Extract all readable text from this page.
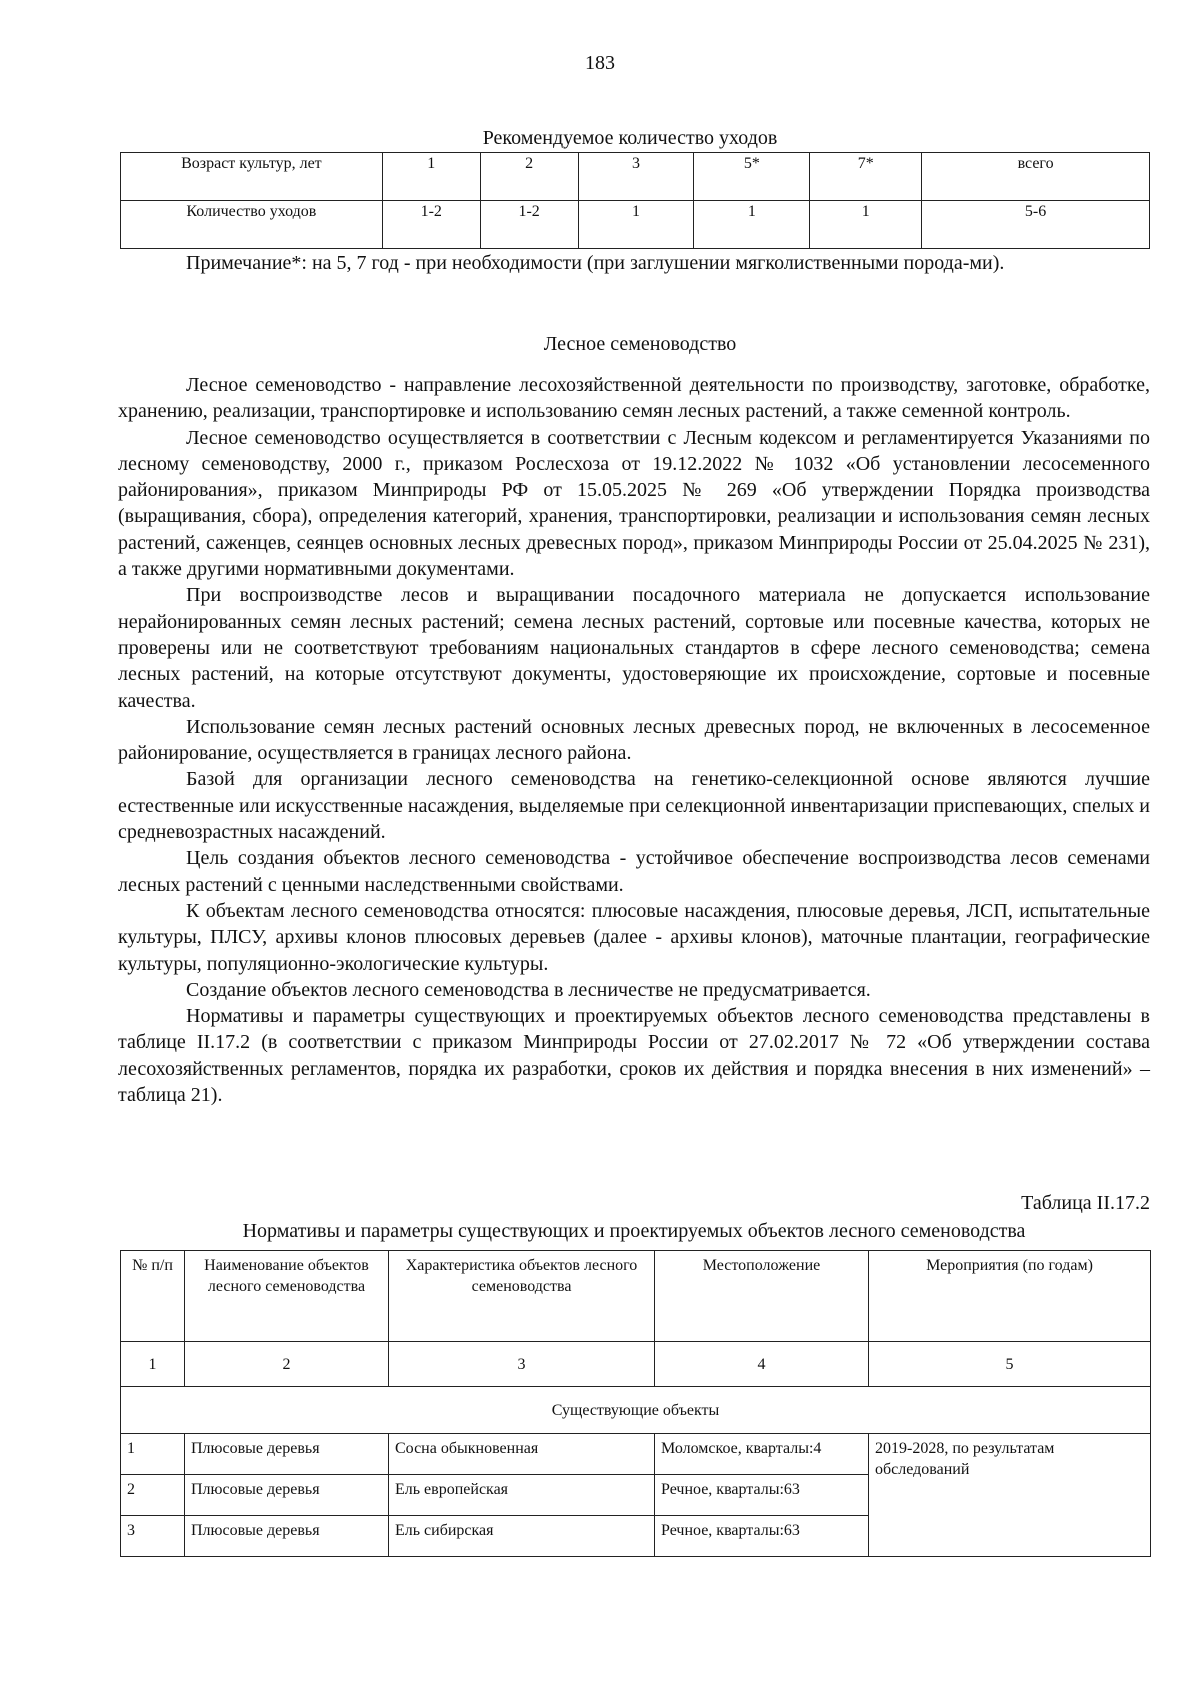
183
Рекомендуемое количество уходов
Возраст культур, лет	1	2	3	5*	7*	всего
Количество уходов	1-2	1-2	1	1	1	5-6
Примечание*: на 5, 7 год - при необходимости (при заглушении мягколиственными порода-ми).
Лесное семеноводство

Лесное семеноводство - направление лесохозяйственной деятельности по производству, заготовке, обработке, хранению, реализации, транспортировке и использованию семян лесных растений, а также семенной контроль.

Лесное семеноводство осуществляется в соответствии с Лесным кодексом и регламентируется Указаниями по лесному семеноводству, 2000 г., приказом Рослесхоза от 19.12.2022 № 1032 «Об установлении лесосеменного районирования», приказом Минприроды РФ от 15.05.2025 № 269 «Об утверждении Порядка производства (выращивания, сбора), определения категорий, хранения, транспортировки, реализации и использования семян лесных растений, саженцев, сеянцев основных лесных древесных пород», приказом Минприроды России от 25.04.2025 № 231), а также другими нормативными документами.

При воспроизводстве лесов и выращивании посадочного материала не допускается использование нерайонированных семян лесных растений; семена лесных растений, сортовые или посевные качества, которых не проверены или не соответствуют требованиям национальных стандартов в сфере лесного семеноводства; семена лесных растений, на которые отсутствуют документы, удостоверяющие их происхождение, сортовые и посевные качества.

Использование семян лесных растений основных лесных древесных пород, не включенных в лесосеменное районирование, осуществляется в границах лесного района.

Базой для организации лесного семеноводства на генетико-селекционной основе являются лучшие естественные или искусственные насаждения, выделяемые при селекционной инвентаризации приспевающих, спелых и средневозрастных насаждений.

Цель создания объектов лесного семеноводства - устойчивое обеспечение воспроизводства лесов семенами лесных растений с ценными наследственными свойствами.

К объектам лесного семеноводства относятся: плюсовые насаждения, плюсовые деревья, ЛСП, испытательные культуры, ПЛСУ, архивы клонов плюсовых деревьев (далее - архивы клонов), маточные плантации, географические культуры, популяционно-экологические культуры.

Создание объектов лесного семеноводства в лесничестве не предусматривается.

Нормативы и параметры существующих и проектируемых объектов лесного семеноводства представлены в таблице II.17.2 (в соответствии с приказом Минприроды России от 27.02.2017 № 72 «Об утверждении состава лесохозяйственных регламентов, порядка их разработки, сроков их действия и порядка внесения в них изменений» – таблица 21).

Таблица II.17.2
Нормативы и параметры существующих и проектируемых объектов лесного семеноводства
№ п/п	Наименование объектов лесного семеноводства	Характеристика объектов лесного семеноводства	Местоположение	Мероприятия (по годам)
1	2	3	4	5
Существующие объекты				
1	Плюсовые деревья	Сосна обыкновенная	Моломское, кварталы:4	2019-2028, по результатам обследований
2	Плюсовые деревья	Ель европейская	Речное, кварталы:63	
3	Плюсовые деревья	Ель сибирская	Речное, кварталы:63	
